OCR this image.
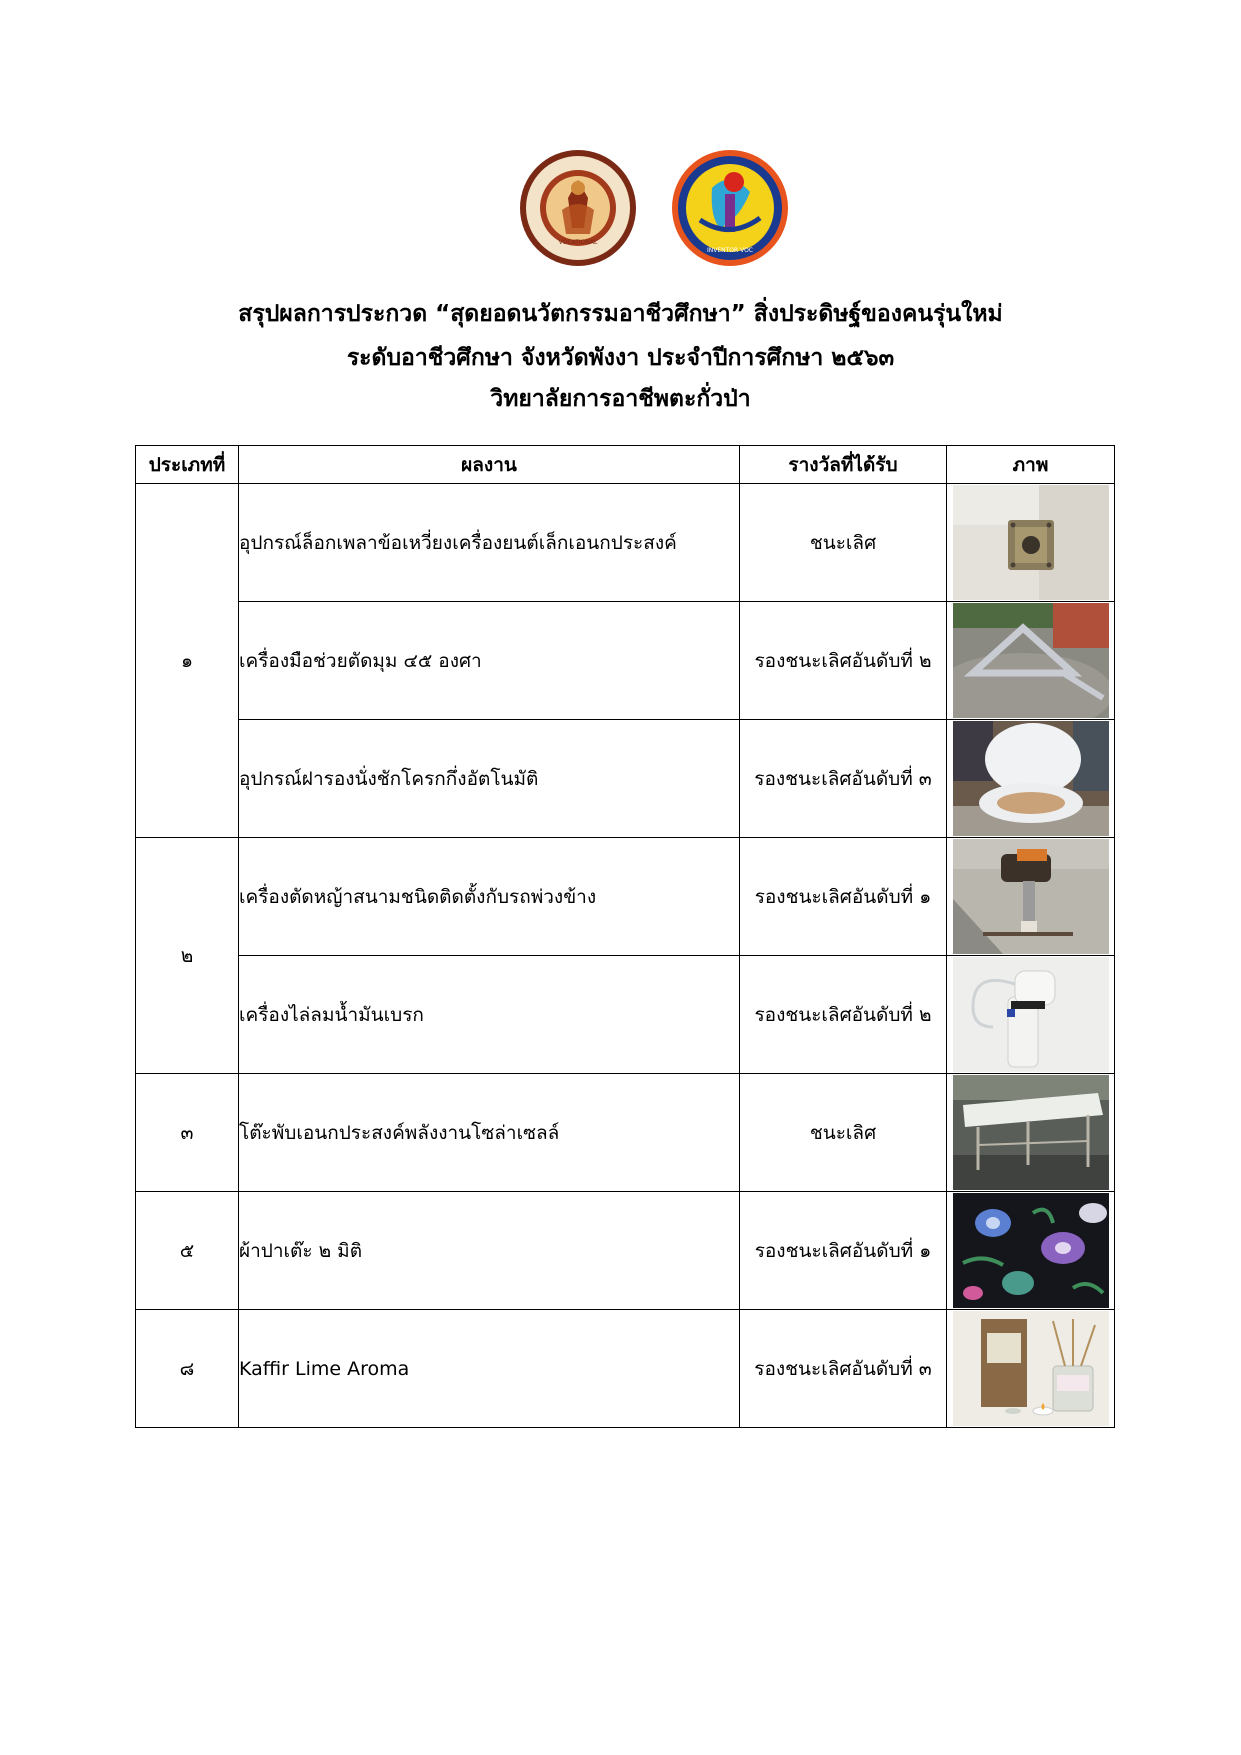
VOCATIONAL
INVENTOR VOC
สรุปผลการประกวด “สุดยอดนวัตกรรมอาชีวศึกษา” สิ่งประดิษฐ์ของคนรุ่นใหม่
ระดับอาชีวศึกษา จังหวัดพังงา ประจำปีการศึกษา ๒๕๖๓
วิทยาลัยการอาชีพตะกั่วป่า
ประเภทที่	ผลงาน	รางวัลที่ได้รับ	ภาพ
๑	อุปกรณ์ล็อกเพลาข้อเหวี่ยงเครื่องยนต์เล็กเอนกประสงค์	ชนะเลิศ	

	เครื่องมือช่วยตัดมุม ๔๕ องศา	รองชนะเลิศอันดับที่ ๒	

	อุปกรณ์ฝารองนั่งชักโครกกึ่งอัตโนมัติ	รองชนะเลิศอันดับที่ ๓	

๒	เครื่องตัดหญ้าสนามชนิดติดตั้งกับรถพ่วงข้าง	รองชนะเลิศอันดับที่ ๑	

	เครื่องไล่ลมน้ำมันเบรก	รองชนะเลิศอันดับที่ ๒	

๓	โต๊ะพับเอนกประสงค์พลังงานโซล่าเซลล์	ชนะเลิศ	

๕	ผ้าปาเต๊ะ ๒ มิติ	รองชนะเลิศอันดับที่ ๑	

๘	Kaffir Lime Aroma	รองชนะเลิศอันดับที่ ๓	
